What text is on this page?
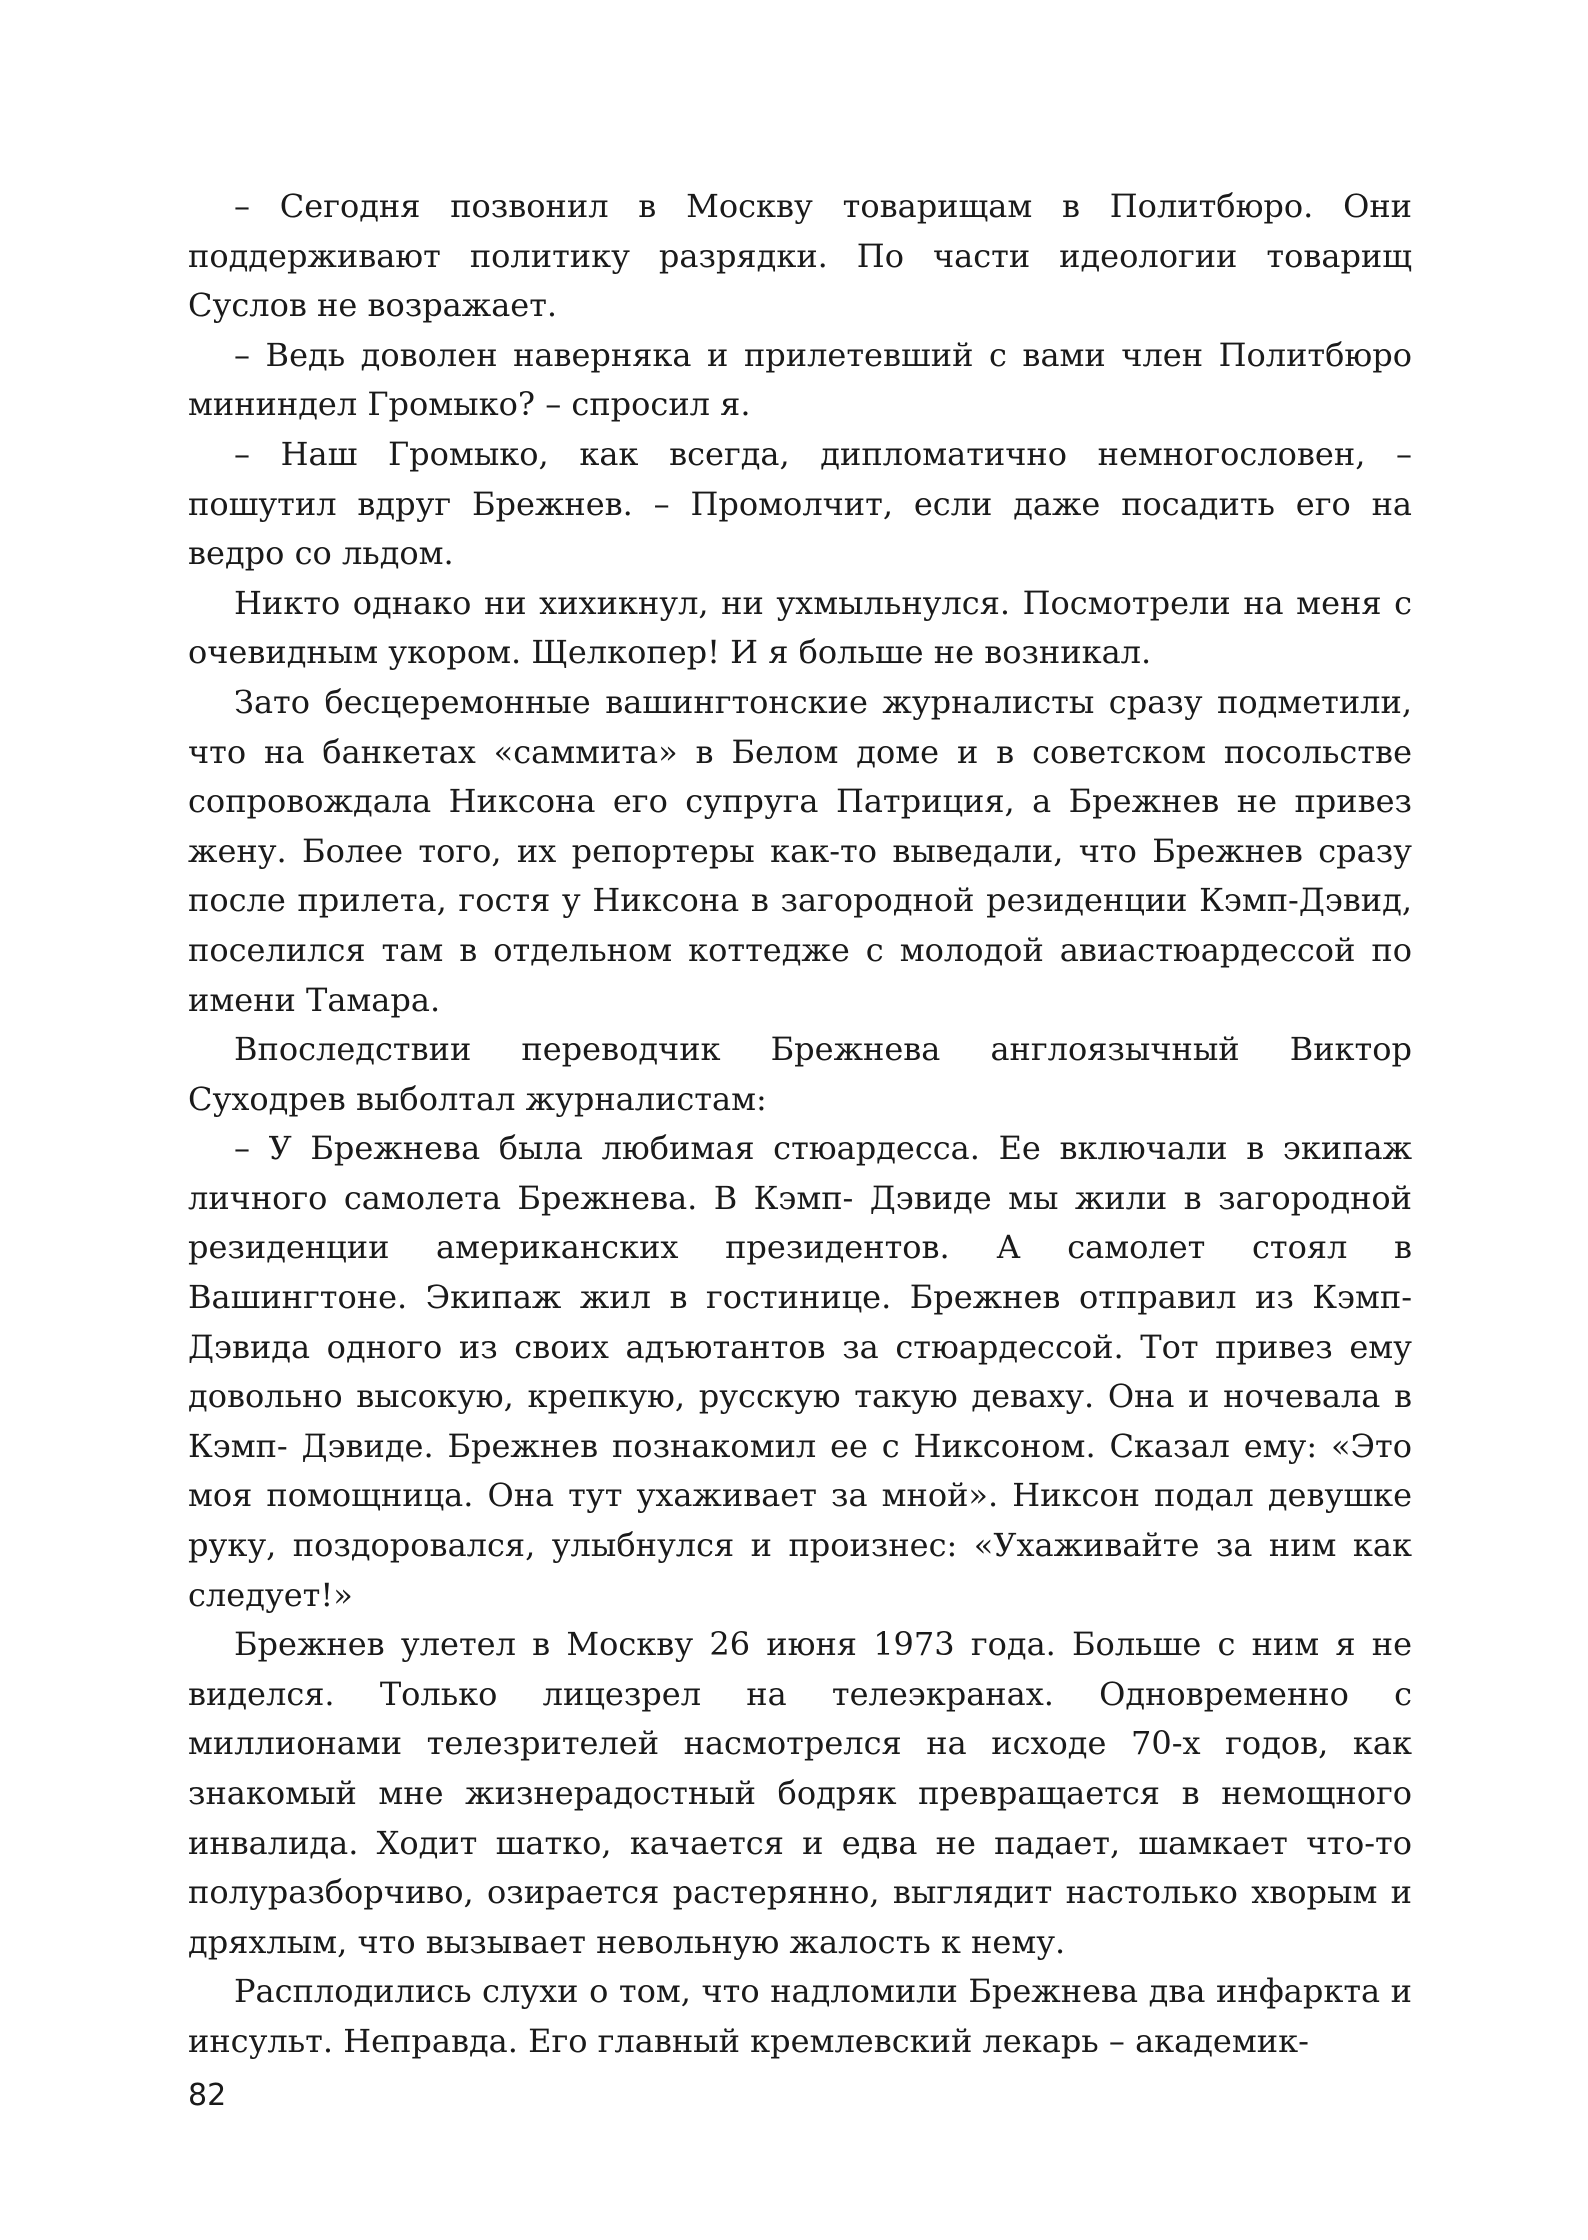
– Сегодня позвонил в Москву товарищам в Политбюро. Они поддерживают политику разрядки. По части идеологии товарищ Суслов не возражает.

– Ведь доволен наверняка и прилетевший с вами член Политбюро мининдел Громыко? – спросил я.

– Наш Громыко, как всегда, дипломатично немногословен, – пошутил вдруг Брежнев. – Промолчит, если даже посадить его на ведро со льдом.

Никто однако ни хихикнул, ни ухмыльнулся. Посмотрели на меня с очевидным укором. Щелкопер! И я больше не возникал.

Зато бесцеремонные вашингтонские журналисты сразу подметили, что на банкетах «саммита» в Белом доме и в советском посольстве сопровождала Никсона его супруга Патриция, а Брежнев не привез жену. Более того, их репортеры как-то выведали, что Брежнев сразу после прилета, гостя у Никсона в загородной резиденции Кэмп-Дэвид, поселился там в отдельном коттедже с молодой авиастюардессой по имени Тамара.

Впоследствии переводчик Брежнева англоязычный Виктор Суходрев выболтал журналистам:

– У Брежнева была любимая стюардесса. Ее включали в экипаж личного самолета Брежнева. В Кэмп- Дэвиде мы жили в загородной резиденции американских президентов. А самолет стоял в Вашингтоне. Экипаж жил в гостинице. Брежнев отправил из Кэмп- Дэвида одного из своих адъютантов за стюардессой. Тот привез ему довольно высокую, крепкую, русскую такую деваху. Она и ночевала в Кэмп- Дэвиде. Брежнев познакомил ее с Никсоном. Сказал ему: «Это моя помощница. Она тут ухаживает за мной». Никсон подал девушке руку, поздоровался, улыбнулся и произнес: «Ухаживайте за ним как следует!»

Брежнев улетел в Москву 26 июня 1973 года. Больше с ним я не виделся. Только лицезрел на телеэкранах. Одновременно с миллионами телезрителей насмотрелся на исходе 70-х годов, как знакомый мне жизнерадостный бодряк превращается в немощного инвалида. Ходит шатко, качается и едва не падает, шамкает что-то полуразборчиво, озирается растерянно, выглядит настолько хворым и дряхлым, что вызывает невольную жалость к нему.

Расплодились слухи о том, что надломили Брежнева два инфаркта и инсульт. Неправда. Его главный кремлевский лекарь – академик-

82
